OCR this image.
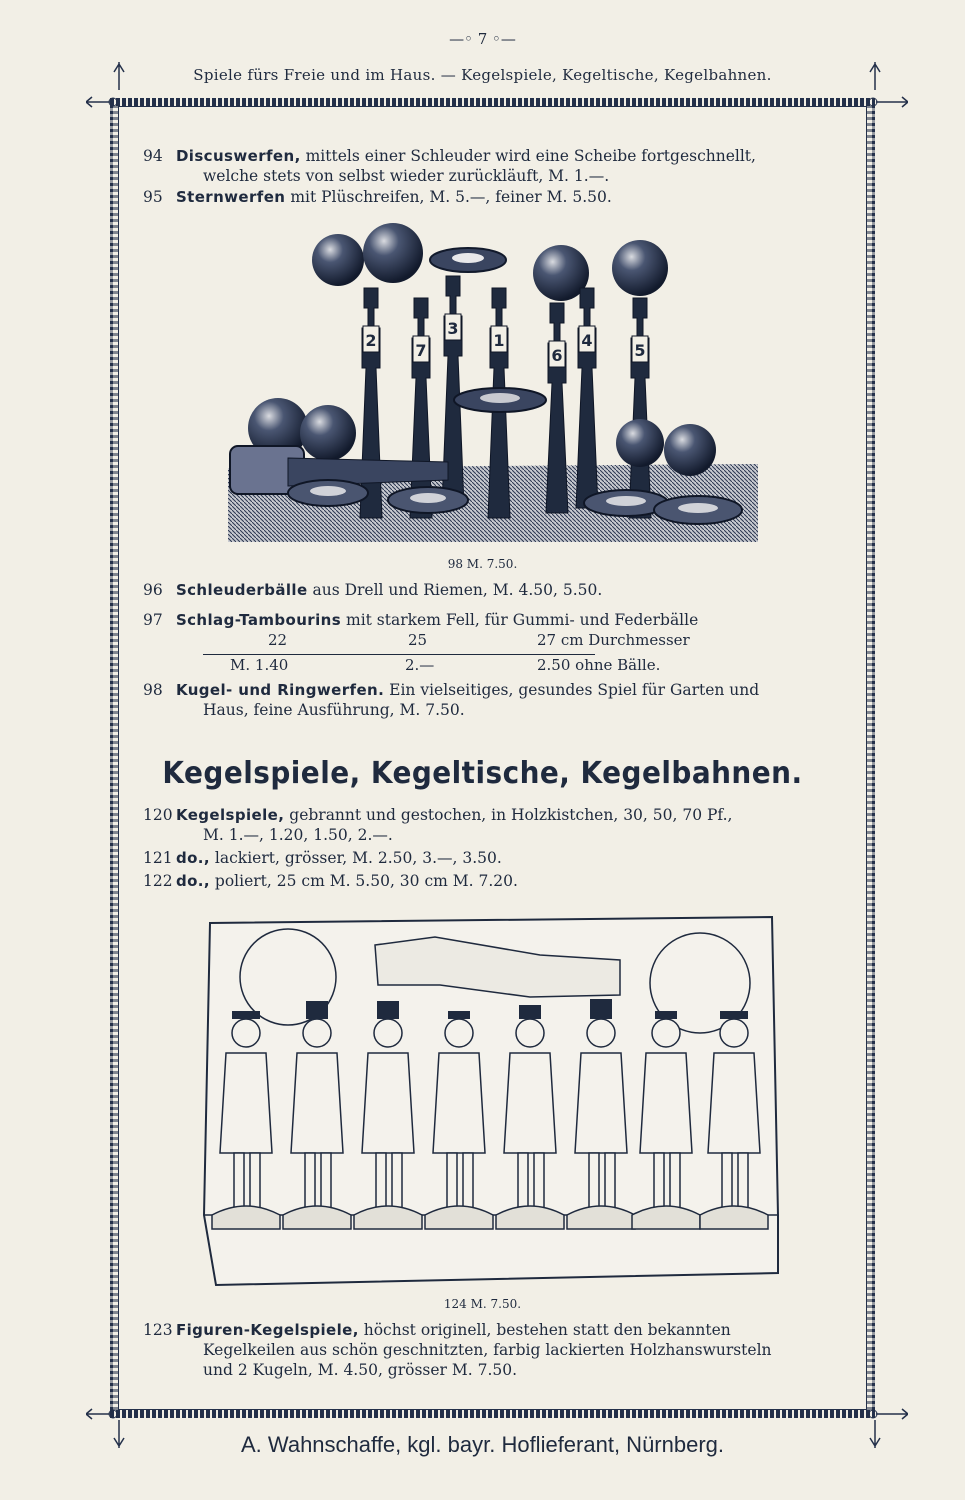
—◦ 7 ◦—
Spiele fürs Freie und im Haus. — Kegelspiele, Kegeltische, Kegelbahnen.
94 Discuswerfen, mittels einer Schleuder wird eine Scheibe fortgeschnellt,
welche stets von selbst wieder zurückläuft, M. 1.—.
95 Sternwerfen mit Plüschreifen, M. 5.—, feiner M. 5.50.
2
7
3
1
6
4
5
98 M. 7.50.
96 Schleuderbälle aus Drell und Riemen, M. 4.50, 5.50.
97 Schlag-Tambourins mit starkem Fell, für Gummi- und Federbälle
22	25	27 cm Durchmesser
M. 1.40	2.—	2.50 ohne Bälle.
98 Kugel- und Ringwerfen. Ein vielseitiges, gesundes Spiel für Garten und
Haus, feine Ausführung, M. 7.50.
Kegelspiele, Kegeltische, Kegelbahnen.
120 Kegelspiele, gebrannt und gestochen, in Holzkistchen, 30, 50, 70 Pf.,
M. 1.—, 1.20, 1.50, 2.—.
121 do., lackiert, grösser, M. 2.50, 3.—, 3.50.
122 do., poliert, 25 cm M. 5.50, 30 cm M. 7.20.
124 M. 7.50.
123 Figuren-Kegelspiele, höchst originell, bestehen statt den bekannten
Kegelkeilen aus schön geschnitzten, farbig lackierten Holzhanswursteln
und 2 Kugeln, M. 4.50, grösser M. 7.50.
A. Wahnschaffe, kgl. bayr. Hoflieferant, Nürnberg.
